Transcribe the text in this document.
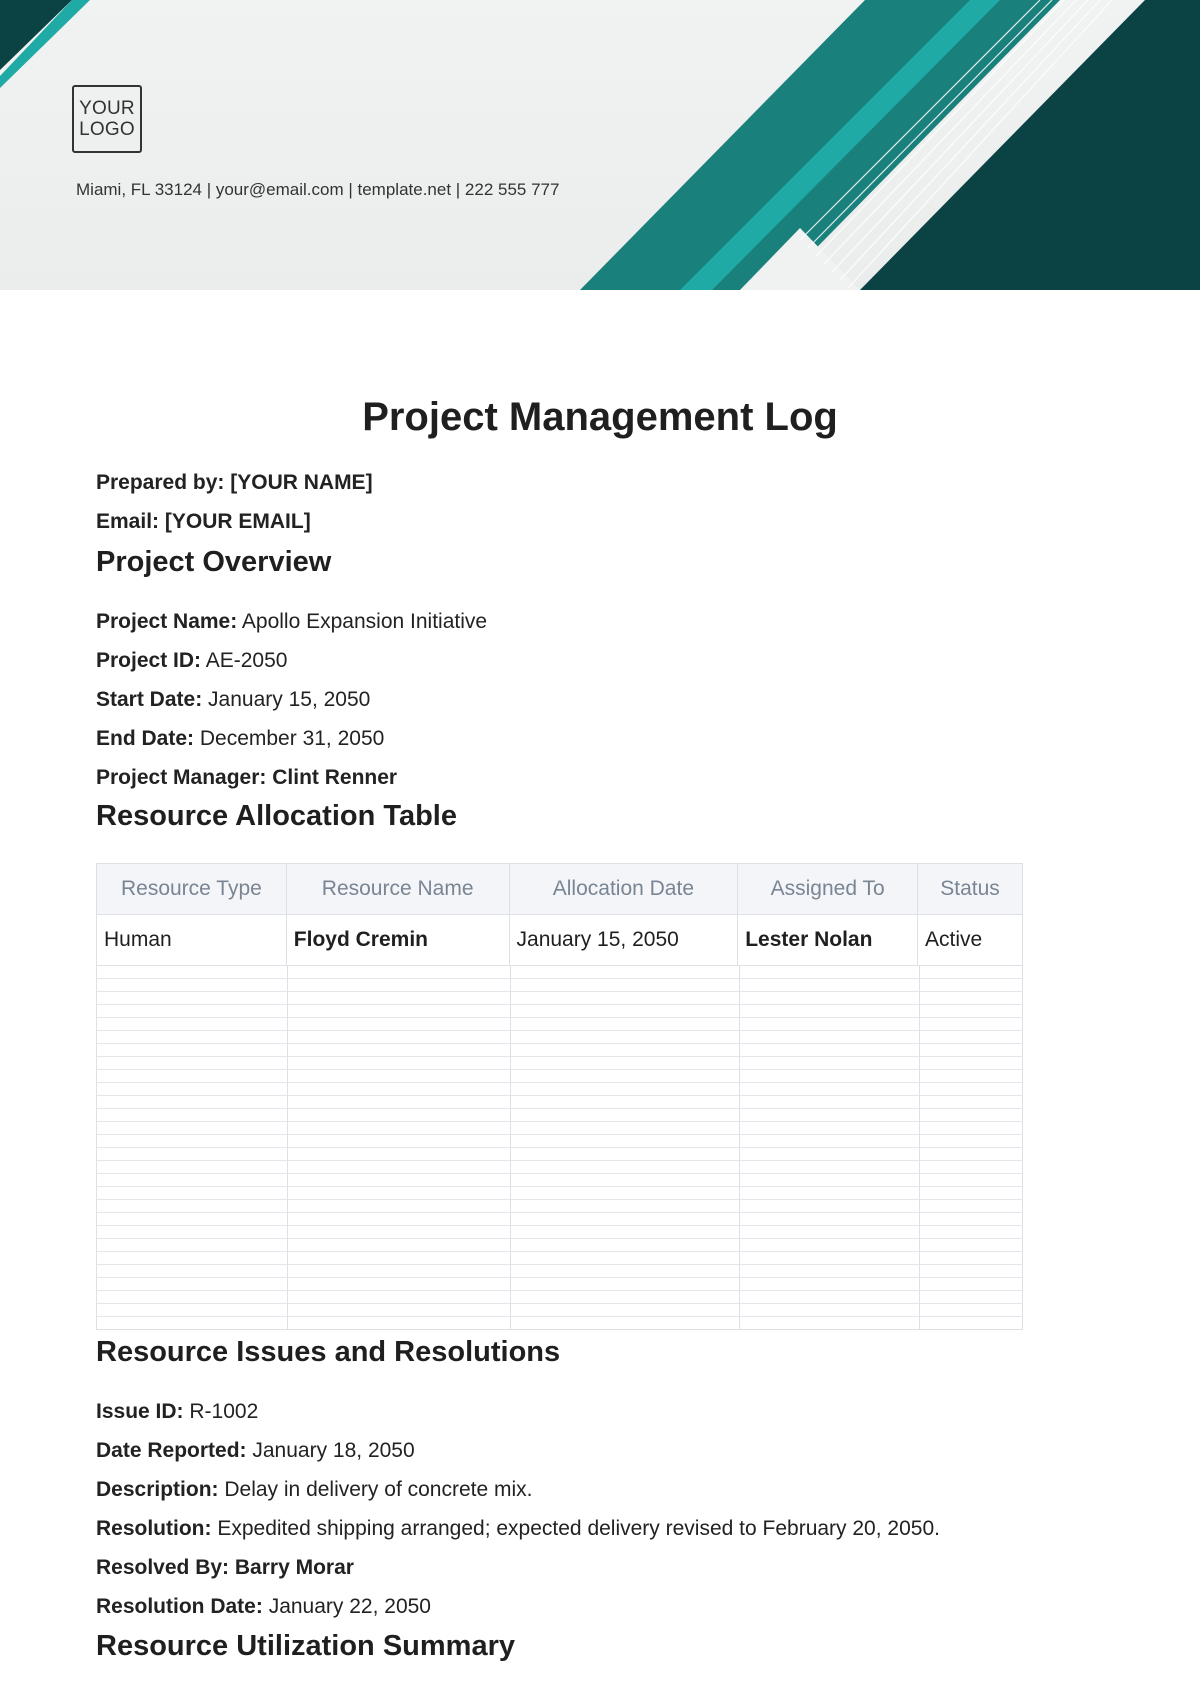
YOUR
LOGO
Miami, FL 33124 | your@email.com | template.net | 222 555 777
Project Management Log
Prepared by: [YOUR NAME]
Email: [YOUR EMAIL]
Project Overview
Project Name: Apollo Expansion Initiative
Project ID: AE-2050
Start Date: January 15, 2050
End Date: December 31, 2050
Project Manager: Clint Renner
Resource Allocation Table
Resource Type	Resource Name	Allocation Date	Assigned To	Status
Human	Floyd Cremin	January 15, 2050	Lester Nolan	Active
Resource Issues and Resolutions
Issue ID: R-1002
Date Reported: January 18, 2050
Description: Delay in delivery of concrete mix.
Resolution: Expedited shipping arranged; expected delivery revised to February 20, 2050.
Resolved By: Barry Morar
Resolution Date: January 22, 2050
Resource Utilization Summary
